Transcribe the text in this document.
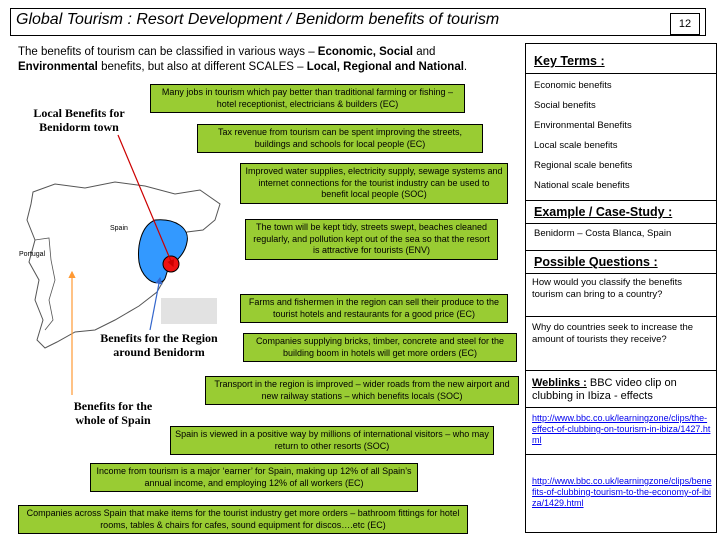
Global Tourism : Resort Development / Benidorm benefits of tourism	12
The benefits of tourism can be classified in various ways – Economic, Social and Environmental benefits, but also at different SCALES – Local, Regional and National.
Spain
Portugal
Local Benefits for Benidorm town
Benefits for the Region around Benidorm
Benefits for the whole of Spain
Many jobs in tourism which pay better than traditional farming or fishing – hotel receptionist, electricians & builders (EC)
Tax revenue from tourism can be spent improving the streets, buildings and schools for local people (EC)
Improved water supplies, electricity supply, sewage systems and internet connections for the tourist industry can be used to benefit local people (SOC)
The town will be kept tidy, streets swept, beaches cleaned regularly, and pollution kept out of the sea so that the resort is attractive for tourists (ENV)
Farms and fishermen in the region can sell their produce to the tourist hotels and restaurants for a good price (EC)
Companies supplying bricks, timber, concrete and steel for the building boom in hotels will get more orders (EC)
Transport in the region is improved – wider roads from the new airport and new railway stations – which benefits locals (SOC)
Spain is viewed in a positive way by millions of international visitors – who may return to other resorts (SOC)
Income from tourism is a major ‘earner’ for Spain, making up 12% of all Spain’s annual income, and employing 12% of all workers (EC)
Companies across Spain that make items for the tourist industry get more orders – bathroom fittings for hotel rooms, tables & chairs for cafes, sound equipment for discos….etc (EC)
Key Terms :
Economic benefits
Social benefits
Environmental Benefits
Local scale benefits
Regional scale benefits
National scale benefits
Example / Case-Study :
Benidorm – Costa Blanca, Spain
Possible Questions :
How would you classify the benefits tourism can bring to a country?
Why do countries seek to increase the amount of tourists they receive?
Weblinks : BBC video clip on clubbing in Ibiza - effects
http://www.bbc.co.uk/learningzone/clips/the-effect-of-clubbing-on-tourism-in-ibiza/1427.html
http://www.bbc.co.uk/learningzone/clips/benefits-of-clubbing-tourism-to-the-economy-of-ibiza/1429.html
